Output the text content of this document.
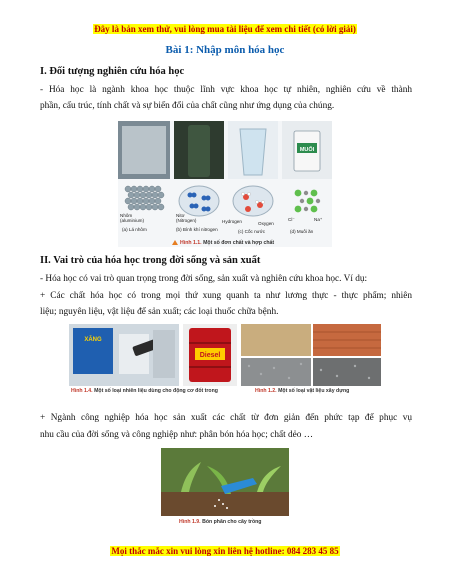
Đây là bản xem thử, vui lòng mua tài liệu để xem chi tiết (có lời giải)
Bài 1: Nhập môn hóa học
I. Đối tượng nghiên cứu hóa học
- Hóa học là ngành khoa học thuộc lĩnh vực khoa học tự nhiên, nghiên cứu về thành
phần, cấu trúc, tính chất và sự biến đổi của chất cũng như ứng dụng của chúng.
MUỐI
Nhôm (aluminium)
Nitơ (Nitrogen)	Hydrogen	Oxygen
Cl⁻	Na⁺
(a) Lá nhôm	(b) Bình khí nitrogen	(c) Cốc nước	(d) Muối ăn
Hình 1.1. Một số đơn chất và hợp chất
II. Vai trò của hóa học trong đời sống và sản xuất
- Hóa học có vai trò quan trọng trong đời sống, sản xuất và nghiên cứu khoa học. Ví dụ:
+ Các chất hóa học có trong mọi thứ xung quanh ta như lương thực - thực phẩm; nhiên
liệu; nguyên liệu, vật liệu để sản xuất; các loại thuốc chữa bệnh.
XĂNG
Diesel
Hình 1.4. Một số loại nhiên liệu dùng cho động cơ đốt trong	Hình 1.2. Một số loại vật liệu xây dựng
+ Ngành công nghiệp hóa học sản xuất các chất từ đơn giản đến phức tạp để phục vụ
nhu cầu của đời sống và công nghiệp như: phân bón hóa học; chất dẻo …
Hình 1.9. Bón phân cho cây trồng
Mọi thắc mắc xin vui lòng xin liên hệ hotline: 084 283 45 85
